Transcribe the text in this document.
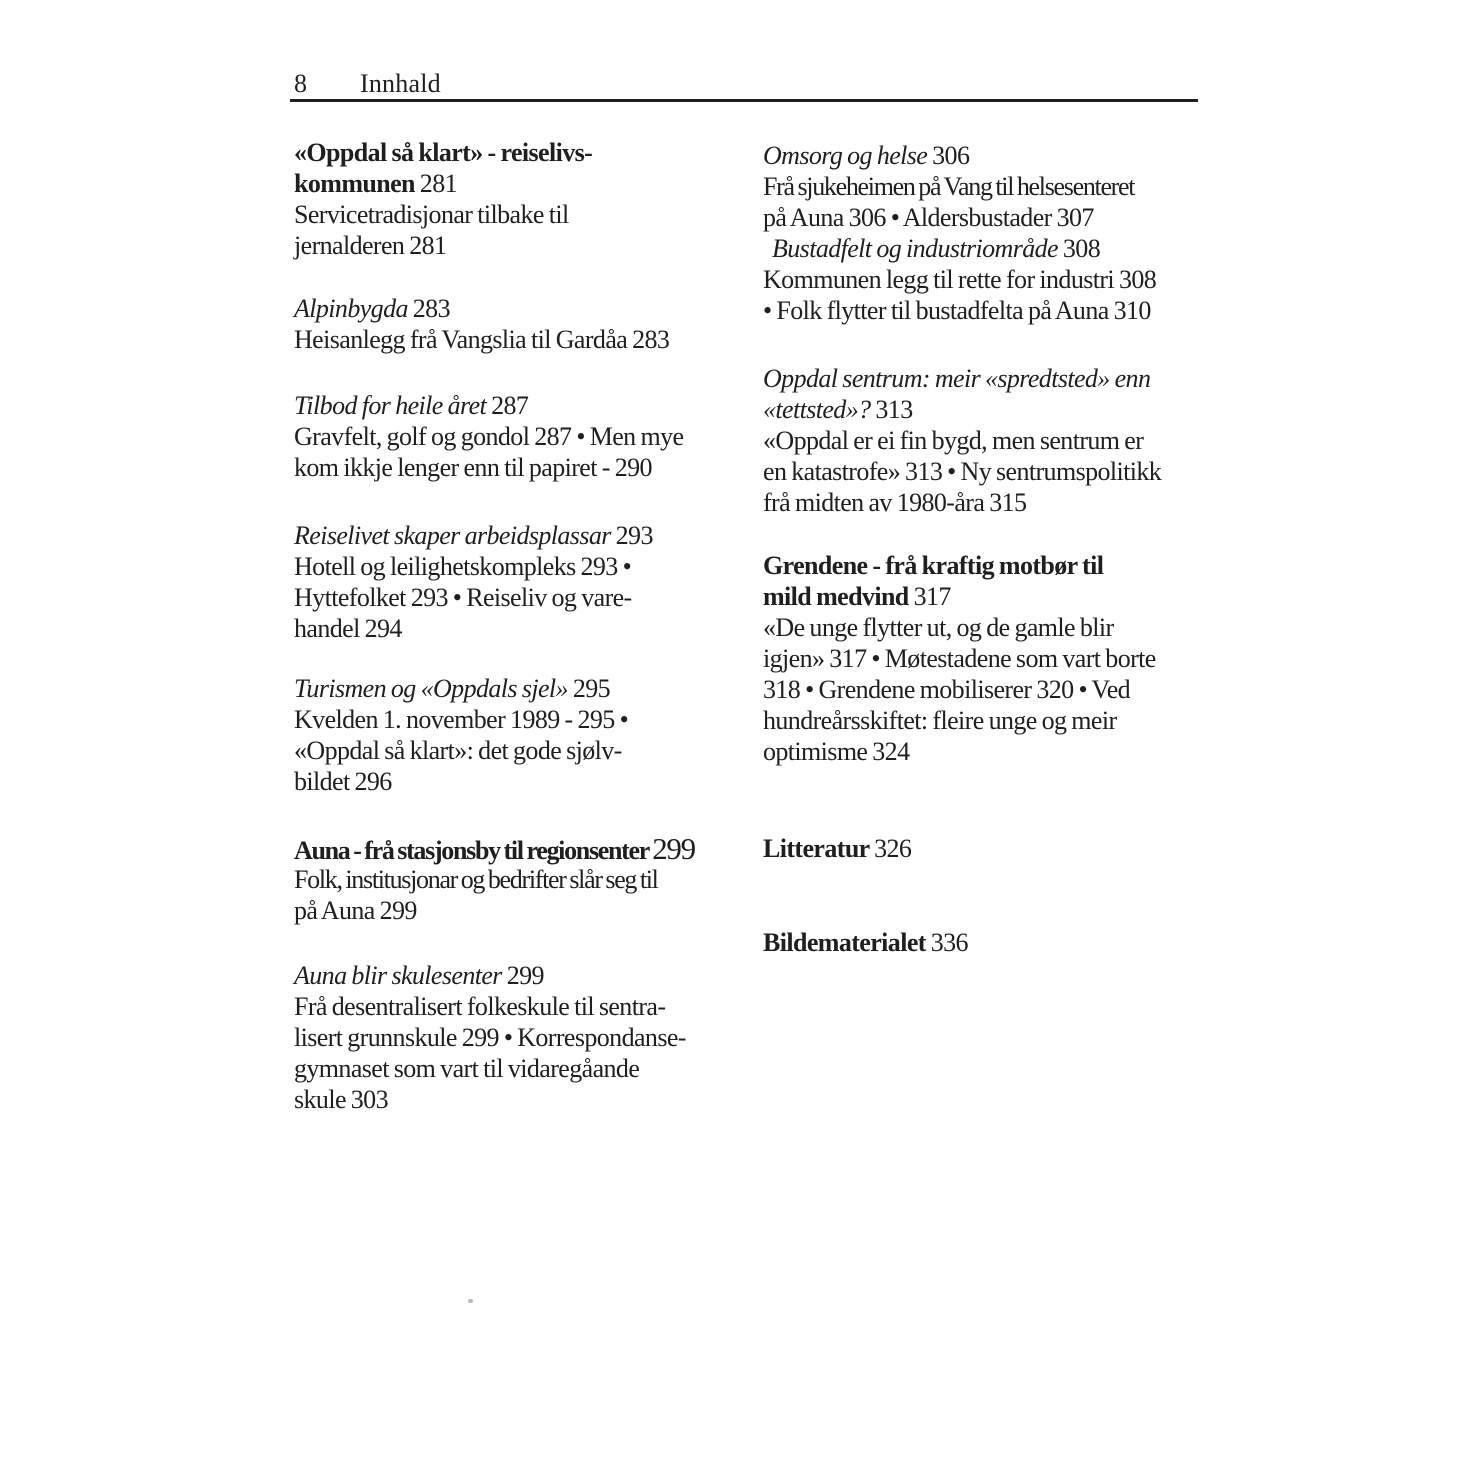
8 Innhald
«Oppdal så klart» - reiselivs-
kommunen 281
Servicetradisjonar tilbake til
jernalderen 281
Alpinbygda 283
Heisanlegg frå Vangslia til Gardåa 283
Tilbod for heile året 287
Gravfelt, golf og gondol 287 • Men mye
kom ikkje lenger enn til papiret - 290
Reiselivet skaper arbeidsplassar 293
Hotell og leilighetskompleks 293 •
Hyttefolket 293 • Reiseliv og vare-
handel 294
Turismen og «Oppdals sjel» 295
Kvelden 1. november 1989 - 295 •
«Oppdal så klart»: det gode sjølv-
bildet 296
Auna - frå stasjonsby til regionsenter 299
Folk, institusjonar og bedrifter slår seg til
på Auna 299
Auna blir skulesenter 299
Frå desentralisert folkeskule til sentra-
lisert grunnskule 299 • Korrespondanse-
gymnaset som vart til vidaregåande
skule 303
Omsorg og helse 306
Frå sjukeheimen på Vang til helsesenteret
på Auna 306 • Aldersbustader 307
Bustadfelt og industriområde 308
Kommunen legg til rette for industri 308
• Folk flytter til bustadfelta på Auna 310
Oppdal sentrum: meir «spredtsted» enn
«tettsted»? 313
«Oppdal er ei fin bygd, men sentrum er
en katastrofe» 313 • Ny sentrumspolitikk
frå midten av 1980-åra 315
Grendene - frå kraftig motbør til
mild medvind 317
«De unge flytter ut, og de gamle blir
igjen» 317 • Møtestadene som vart borte
318 • Grendene mobiliserer 320 • Ved
hundreårsskiftet: fleire unge og meir
optimisme 324
Litteratur 326
Bildematerialet 336
